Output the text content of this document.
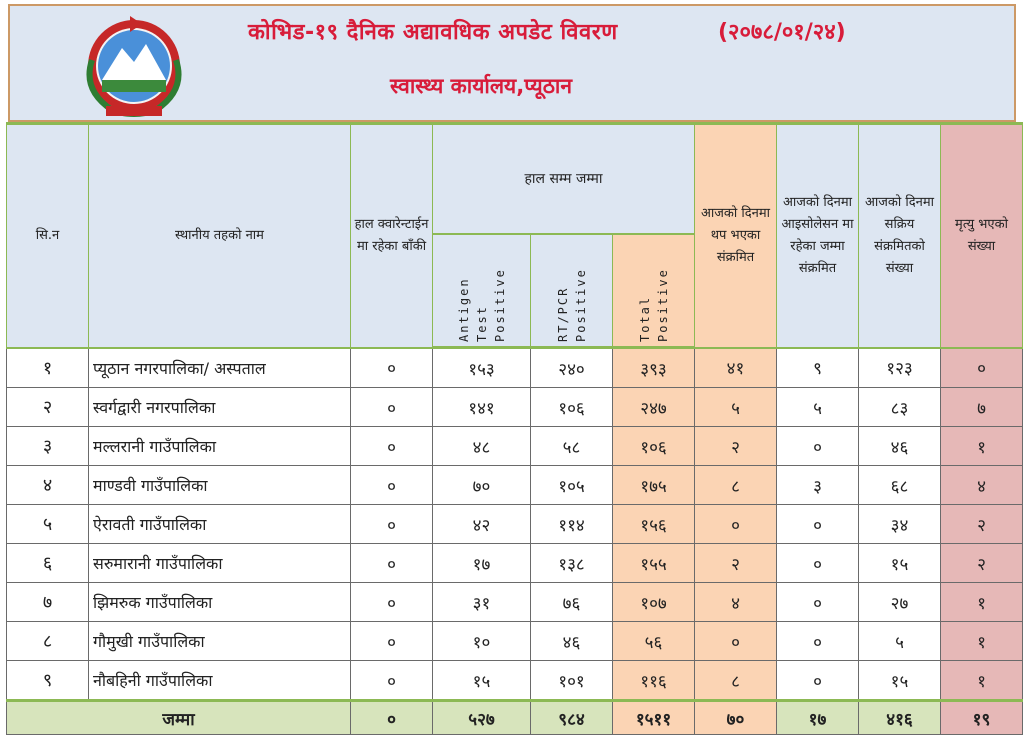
कोभिड-१९ दैनिक अद्यावधिक अपडेट विवरण	(२०७८/०१/२४)
स्वास्थ्य कार्यालय,प्यूठान
सि.न	स्थानीय तहको नाम	हाल क्वारेन्टाईन मा रहेका बाँकी	हाल सम्म जम्मा			आजको दिनमा थप भएका संक्रमित	आजको दिनमा आइसोलेसन मा रहेका जम्मा संक्रमित	आजको दिनमा सक्रिय संक्रमितको संख्या	मृत्यु भएको संख्या

			Antigen Test Positive	RT/PCR Positive	Total Positive				

१	प्यूठान नगरपालिका/ अस्पताल	०	१५३	२४०	३९३	४१	९	१२३	०
२	स्वर्गद्वारी नगरपालिका	०	१४१	१०६	२४७	५	५	८३	७
३	मल्लरानी गाउँपालिका	०	४८	५८	१०६	२	०	४६	१
४	माण्डवी गाउँपालिका	०	७०	१०५	१७५	८	३	६८	४
५	ऐरावती गाउँपालिका	०	४२	११४	१५६	०	०	३४	२
६	सरुमारानी गाउँपालिका	०	१७	१३८	१५५	२	०	१५	२
७	झिमरुक गाउँपालिका	०	३१	७६	१०७	४	०	२७	१
८	गौमुखी गाउँपालिका	०	१०	४६	५६	०	०	५	१
९	नौबहिनी गाउँपालिका	०	१५	१०१	११६	८	०	१५	१
जम्मा		०	५२७	९८४	१५११	७०	१७	४१६	१९
